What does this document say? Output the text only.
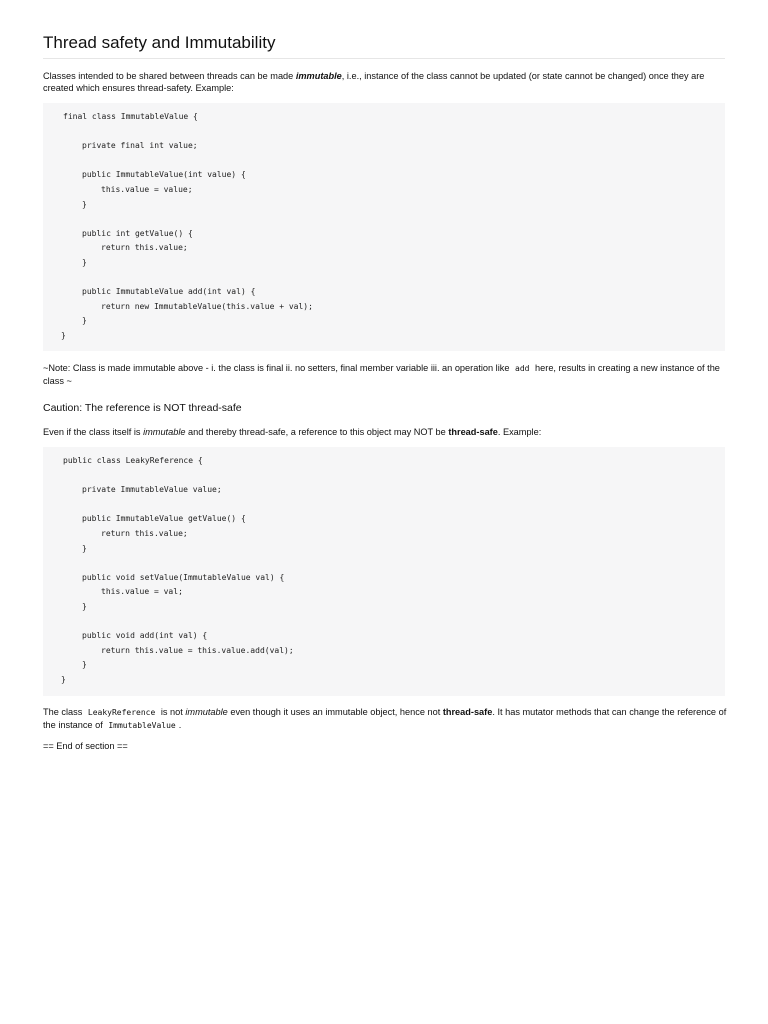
Thread safety and Immutability

Classes intended to be shared between threads can be made immutable, i.e., instance of the class cannot be updated (or state cannot be changed) once they are created which ensures thread-safety. Example:

final class ImmutableValue {
private final int value;
public ImmutableValue(int value) {
this.value = value;
}
public int getValue() {
return this.value;
}
public ImmutableValue add(int val) {
return new ImmutableValue(this.value + val);
}
}

~Note: Class is made immutable above - i. the class is final ii. no setters, final member variable iii. an operation like add here, results in creating a new instance of the class ~

Caution: The reference is NOT thread-safe

Even if the class itself is immutable and thereby thread-safe, a reference to this object may NOT be thread-safe. Example:

public class LeakyReference {
private ImmutableValue value;
public ImmutableValue getValue() {
return this.value;
}
public void setValue(ImmutableValue val) {
this.value = val;
}
public void add(int val) {
return this.value = this.value.add(val);
}
}

The class LeakyReference is not immutable even though it uses an immutable object, hence not thread-safe. It has mutator methods that can change the reference of the instance of ImmutableValue .

== End of section ==
